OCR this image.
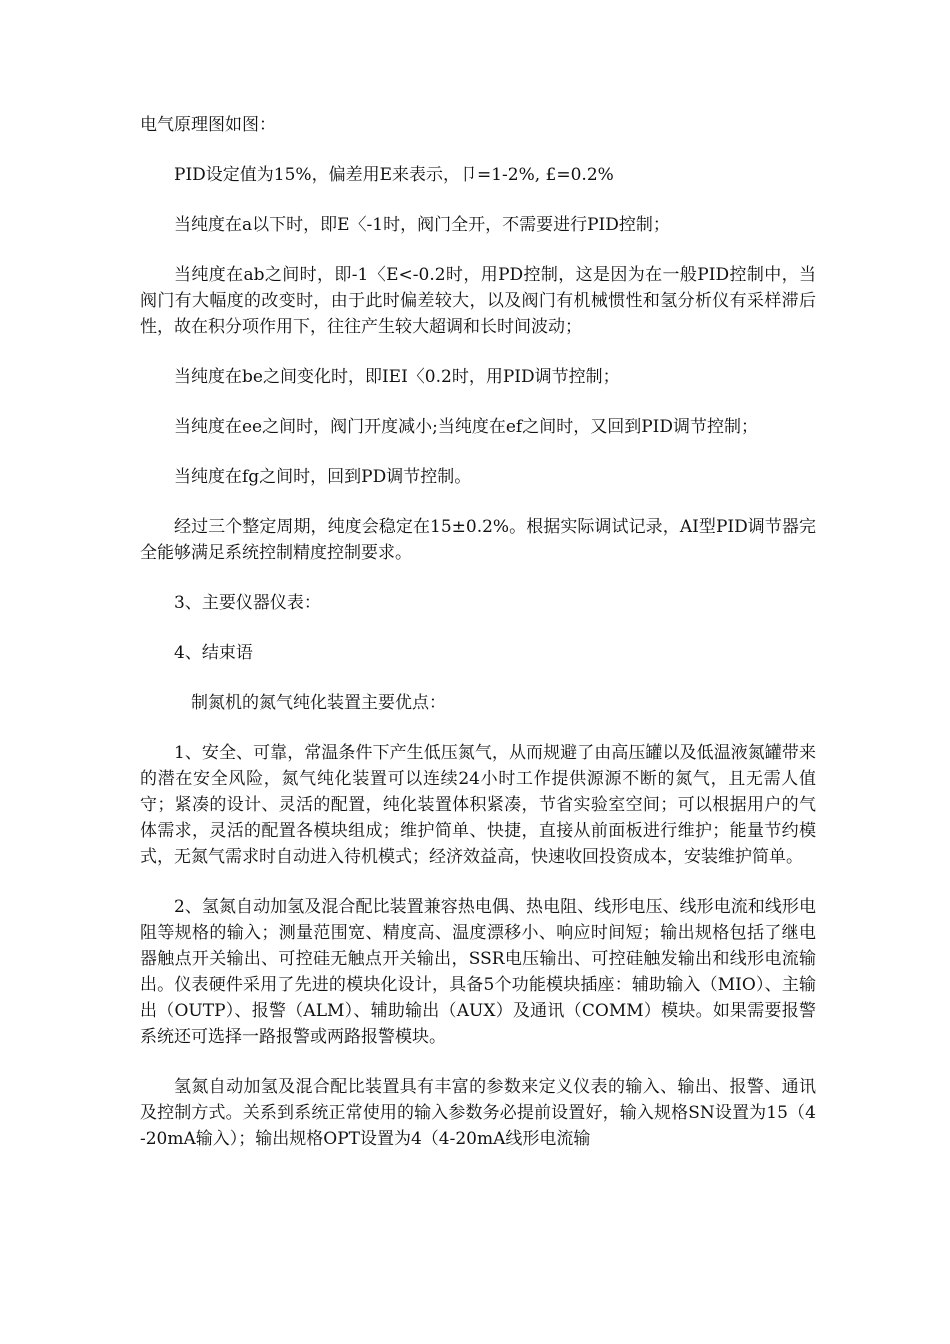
电气原理图如图：

PID设定值为15%，偏差用E来表示，卩=1-2%, £=0.2%

当纯度在a以下时，即E〈-1时，阀门全开，不需要进行PID控制；

当纯度在ab之间时，即-1〈E<-0.2时，用PD控制，这是因为在一般PID控制中，当阀门有大幅度的改变时，由于此时偏差较大，以及阀门有机械惯性和氢分析仪有采样滞后性，故在积分项作用下，往往产生较大超调和长时间波动；

当纯度在be之间变化时，即IEI〈0.2时，用PID调节控制；

当纯度在ee之间时，阀门开度减小;当纯度在ef之间时，又回到PID调节控制；

当纯度在fg之间时，回到PD调节控制。

经过三个整定周期，纯度会稳定在15±0.2%。根据实际调试记录，AI型PID调节器完全能够满足系统控制精度控制要求。

3、主要仪器仪表：

4、结束语

制氮机的氮气纯化装置主要优点：

1、安全、可靠，常温条件下产生低压氮气，从而规避了由高压罐以及低温液氮罐带来的潜在安全风险，氮气纯化装置可以连续24小时工作提供源源不断的氮气，且无需人值守；紧凑的设计、灵活的配置，纯化装置体积紧凑，节省实验室空间；可以根据用户的气体需求，灵活的配置各模块组成；维护简单、快捷，直接从前面板进行维护；能量节约模式，无氮气需求时自动进入待机模式；经济效益高，快速收回投资成本，安装维护简单。

2、氢氮自动加氢及混合配比装置兼容热电偶、热电阻、线形电压、线形电流和线形电阻等规格的输入；测量范围宽、精度高、温度漂移小、响应时间短；输出规格包括了继电器触点开关输出、可控硅无触点开关输出，SSR电压输出、可控硅触发输出和线形电流输出。仪表硬件采用了先进的模块化设计，具备5个功能模块插座：辅助输入（MIO）、主输出（OUTP）、报警（ALM）、辅助输出（AUX）及通讯（COMM）模块。如果需要报警系统还可选择一路报警或两路报警模块。

氢氮自动加氢及混合配比装置具有丰富的参数来定义仪表的输入、输出、报警、通讯及控制方式。关系到系统正常使用的输入参数务必提前设置好，输入规格SN设置为15（4-20mA输入）；输出规格OPT设置为4（4-20mA线形电流输
